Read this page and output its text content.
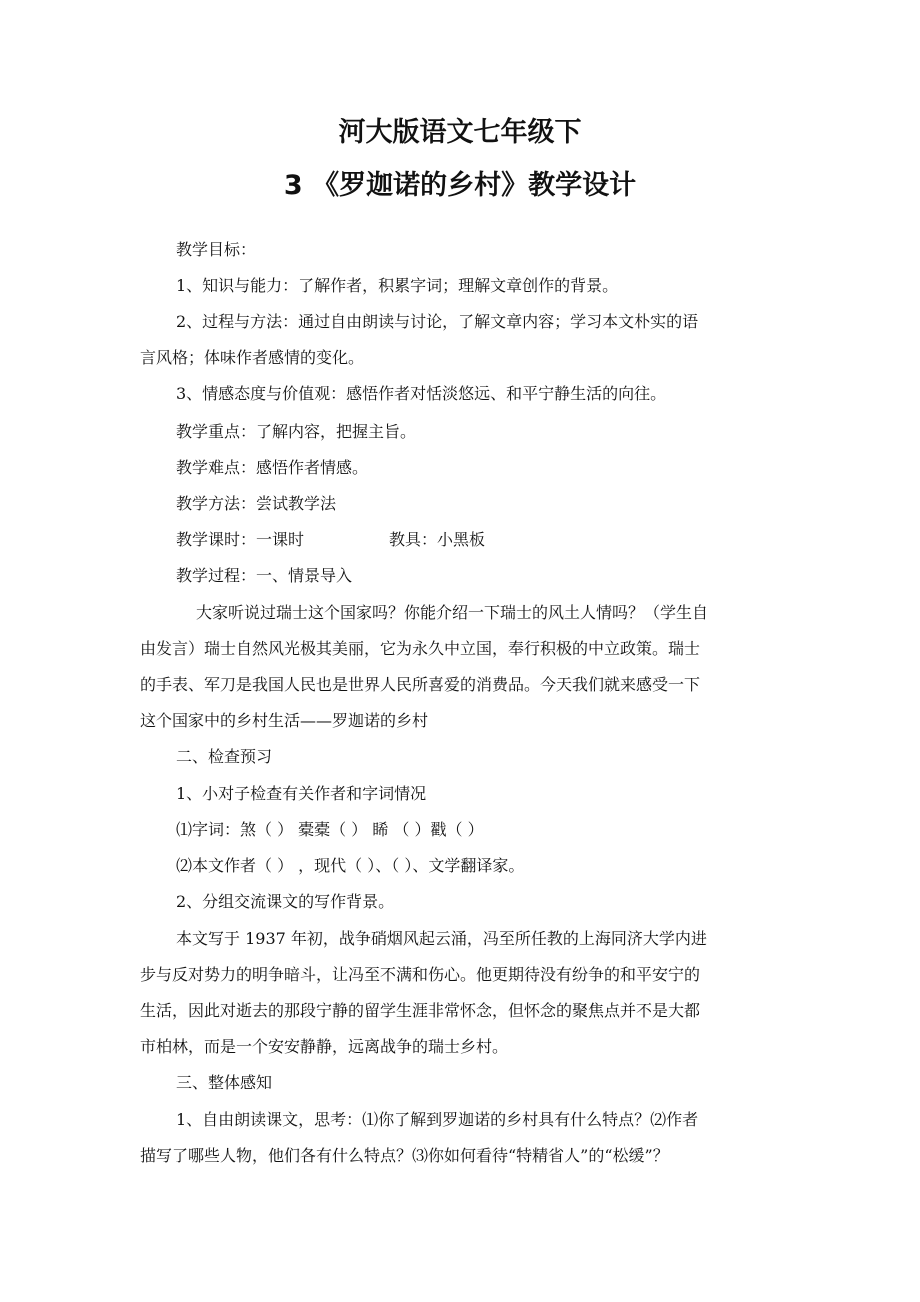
河大版语文七年级下
3 《罗迦诺的乡村》教学设计
教学目标：
1、知识与能力：了解作者，积累字词；理解文章创作的背景。
2、过程与方法：通过自由朗读与讨论，了解文章内容；学习本文朴实的语
言风格；体味作者感情的变化。
3、情感态度与价值观：感悟作者对恬淡悠远、和平宁静生活的向往。
教学重点：了解内容，把握主旨。
教学难点：感悟作者情感。
教学方法：尝试教学法
教学课时：一课时	教具：小黑板
教学过程：一、情景导入
大家听说过瑞士这个国家吗？你能介绍一下瑞士的风土人情吗？（学生自
由发言）瑞士自然风光极其美丽，它为永久中立国，奉行积极的中立政策。瑞士
的手表、军刀是我国人民也是世界人民所喜爱的消费品。今天我们就来感受一下
这个国家中的乡村生活——罗迦诺的乡村
二、检查预习
1、小对子检查有关作者和字词情况
⑴字词：煞（ ） 橐橐（ ） 睎 （ ）戳（ ）
⑵本文作者（ ） ，现代（ ）、（ ）、文学翻译家。
2、分组交流课文的写作背景。
本文写于 1937 年初，战争硝烟风起云涌，冯至所任教的上海同济大学内进
步与反对势力的明争暗斗，让冯至不满和伤心。他更期待没有纷争的和平安宁的
生活，因此对逝去的那段宁静的留学生涯非常怀念，但怀念的聚焦点并不是大都
市柏林，而是一个安安静静，远离战争的瑞士乡村。
三、整体感知
1、自由朗读课文，思考：⑴你了解到罗迦诺的乡村具有什么特点？⑵作者
描写了哪些人物，他们各有什么特点？⑶你如何看待“特精省人”的“松缓”？
